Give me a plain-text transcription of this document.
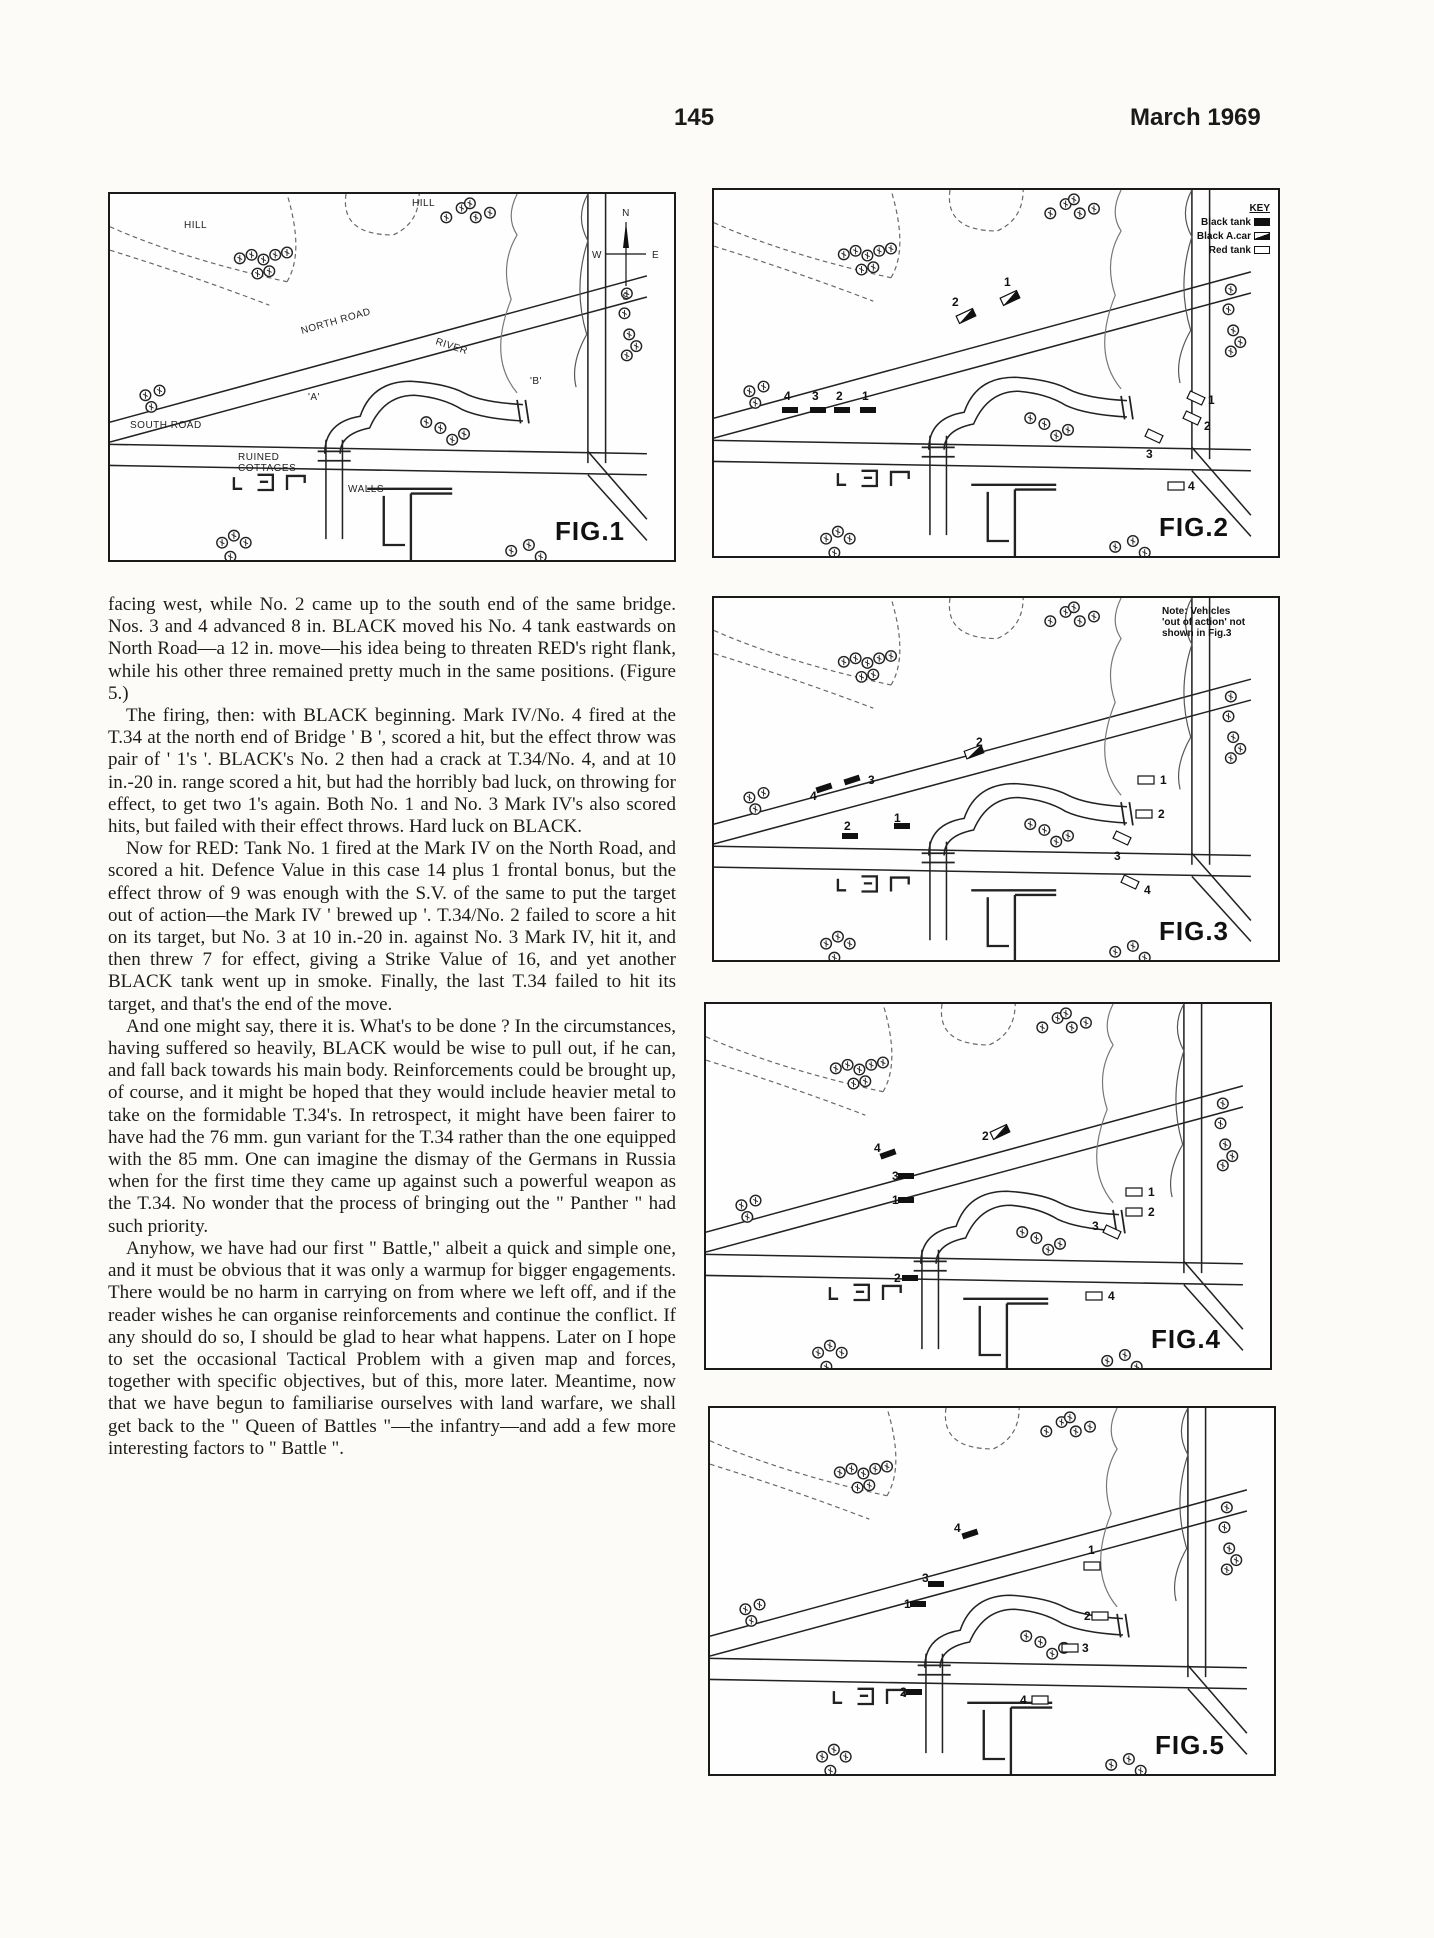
145	March 1969
N
S
E
W
HILL
HILL
NORTH ROAD
RIVER
SOUTH ROAD
RUINED
COTTAGES
WALLS
'A'
'B'
FIG.1
4 3 2 1
2
1
1
2
3
4
KEY
Black tank
Black A.car
Red tank
FIG.2
4
3
2
1
2
1
2
3
4
Note: Vehicles
'out of action' not
shown in Fig.3
FIG.3
4
3
1
2
2
1
2
3
4
FIG.4
4
3
1
2
1
2
3
4
FIG.5

facing west, while No. 2 came up to the south end of the same bridge. Nos. 3 and 4 advanced 8 in. BLACK moved his No. 4 tank eastwards on North Road—a 12 in. move—his idea being to threaten RED's right flank, while his other three remained pretty much in the same positions. (Figure 5.)

The firing, then: with BLACK beginning. Mark IV/No. 4 fired at the T.34 at the north end of Bridge ' B ', scored a hit, but the effect throw was pair of ' 1's '. BLACK's No. 2 then had a crack at T.34/No. 4, and at 10 in.-20 in. range scored a hit, but had the horribly bad luck, on throwing for effect, to get two 1's again. Both No. 1 and No. 3 Mark IV's also scored hits, but failed with their effect throws. Hard luck on BLACK.

Now for RED: Tank No. 1 fired at the Mark IV on the North Road, and scored a hit. Defence Value in this case 14 plus 1 frontal bonus, but the effect throw of 9 was enough with the S.V. of the same to put the target out of action—the Mark IV ' brewed up '. T.34/No. 2 failed to score a hit on its target, but No. 3 at 10 in.-20 in. against No. 3 Mark IV, hit it, and then threw 7 for effect, giving a Strike Value of 16, and yet another BLACK tank went up in smoke. Finally, the last T.34 failed to hit its target, and that's the end of the move.

And one might say, there it is. What's to be done ? In the circumstances, having suffered so heavily, BLACK would be wise to pull out, if he can, and fall back towards his main body. Reinforcements could be brought up, of course, and it might be hoped that they would include heavier metal to take on the formidable T.34's. In retrospect, it might have been fairer to have had the 76 mm. gun variant for the T.34 rather than the one equipped with the 85 mm. One can imagine the dismay of the Germans in Russia when for the first time they came up against such a powerful weapon as the T.34. No wonder that the process of bringing out the " Panther " had such priority.

Anyhow, we have had our first " Battle," albeit a quick and simple one, and it must be obvious that it was only a warmup for bigger engagements. There would be no harm in carrying on from where we left off, and if the reader wishes he can organise reinforcements and continue the conflict. If any should do so, I should be glad to hear what happens. Later on I hope to set the occasional Tactical Problem with a given map and forces, together with specific objectives, but of this, more later. Meantime, now that we have begun to familiarise ourselves with land warfare, we shall get back to the " Queen of Battles "—the infantry—and add a few more interesting factors to " Battle ".
